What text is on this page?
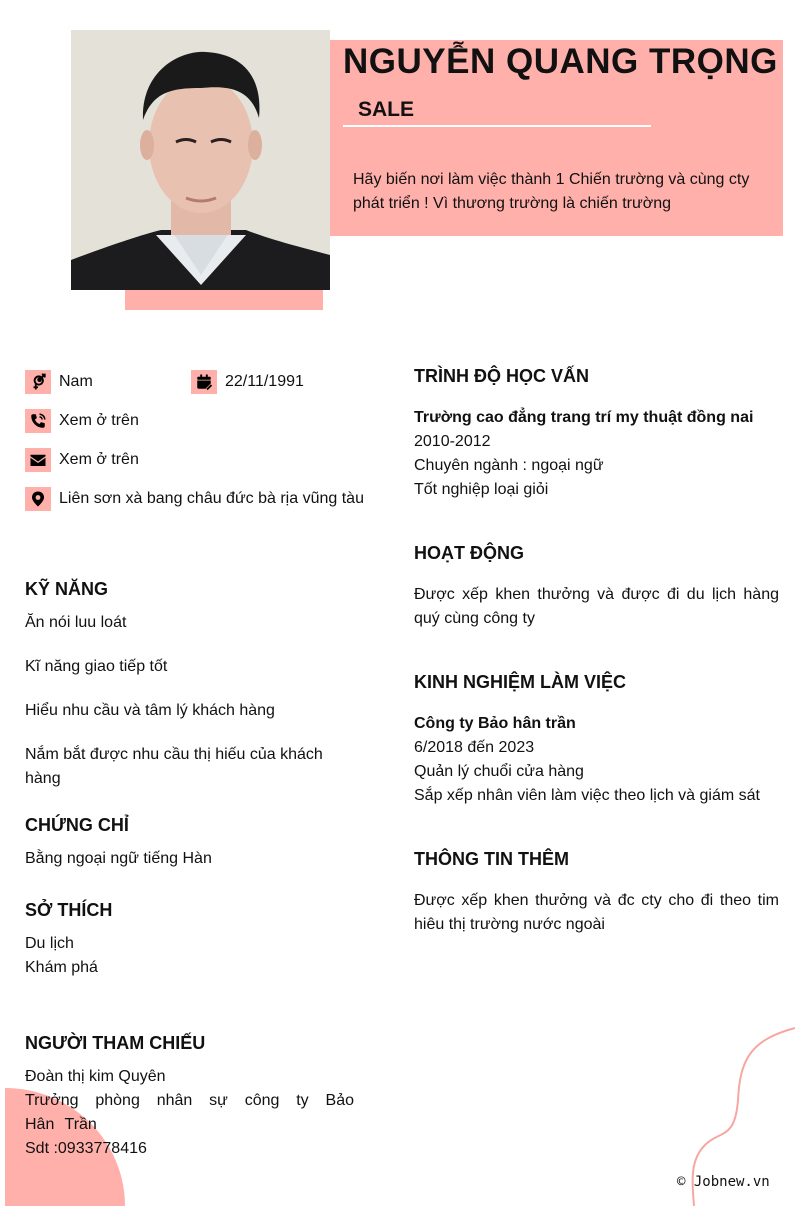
NGUYỄN QUANG TRỌNG
SALE
Hãy biến nơi làm việc thành 1 Chiến trường và cùng cty phát triển ! Vì thương trường là chiến trường
Nam	22/11/1991
Xem ở trên
Xem ở trên
Liên sơn xà bang châu đức bà rịa vũng tàu
KỸ NĂNG
Ăn nói luu loát
Kĩ năng giao tiếp tốt
Hiểu nhu cầu và tâm lý khách hàng
Nắm bắt được nhu cầu thị hiếu của khách hàng
CHỨNG CHỈ
Bằng ngoại ngữ tiếng Hàn
SỞ THÍCH
Du lịch
Khám phá
NGƯỜI THAM CHIẾU
Đoàn thị kim Quyên
Trưởng phòng nhân sự công ty Bảo Hân Trần
Sdt :0933778416
TRÌNH ĐỘ HỌC VẤN
Trường cao đẳng trang trí my thuật đồng nai
2010-2012
Chuyên ngành : ngoại ngữ
Tốt nghiệp loại giỏi
HOẠT ĐỘNG
Được xếp khen thưởng và được đi du lịch hàng quý cùng công ty
KINH NGHIỆM LÀM VIỆC
Công ty Bảo hân trần
6/2018 đến 2023
Quản lý chuổi cửa hàng
Sắp xếp nhân viên làm việc theo lịch và giám sát
THÔNG TIN THÊM
Được xếp khen thưởng và đc cty cho đi theo tim hiêu thị trường nước ngoài
© Jobnew.vn
